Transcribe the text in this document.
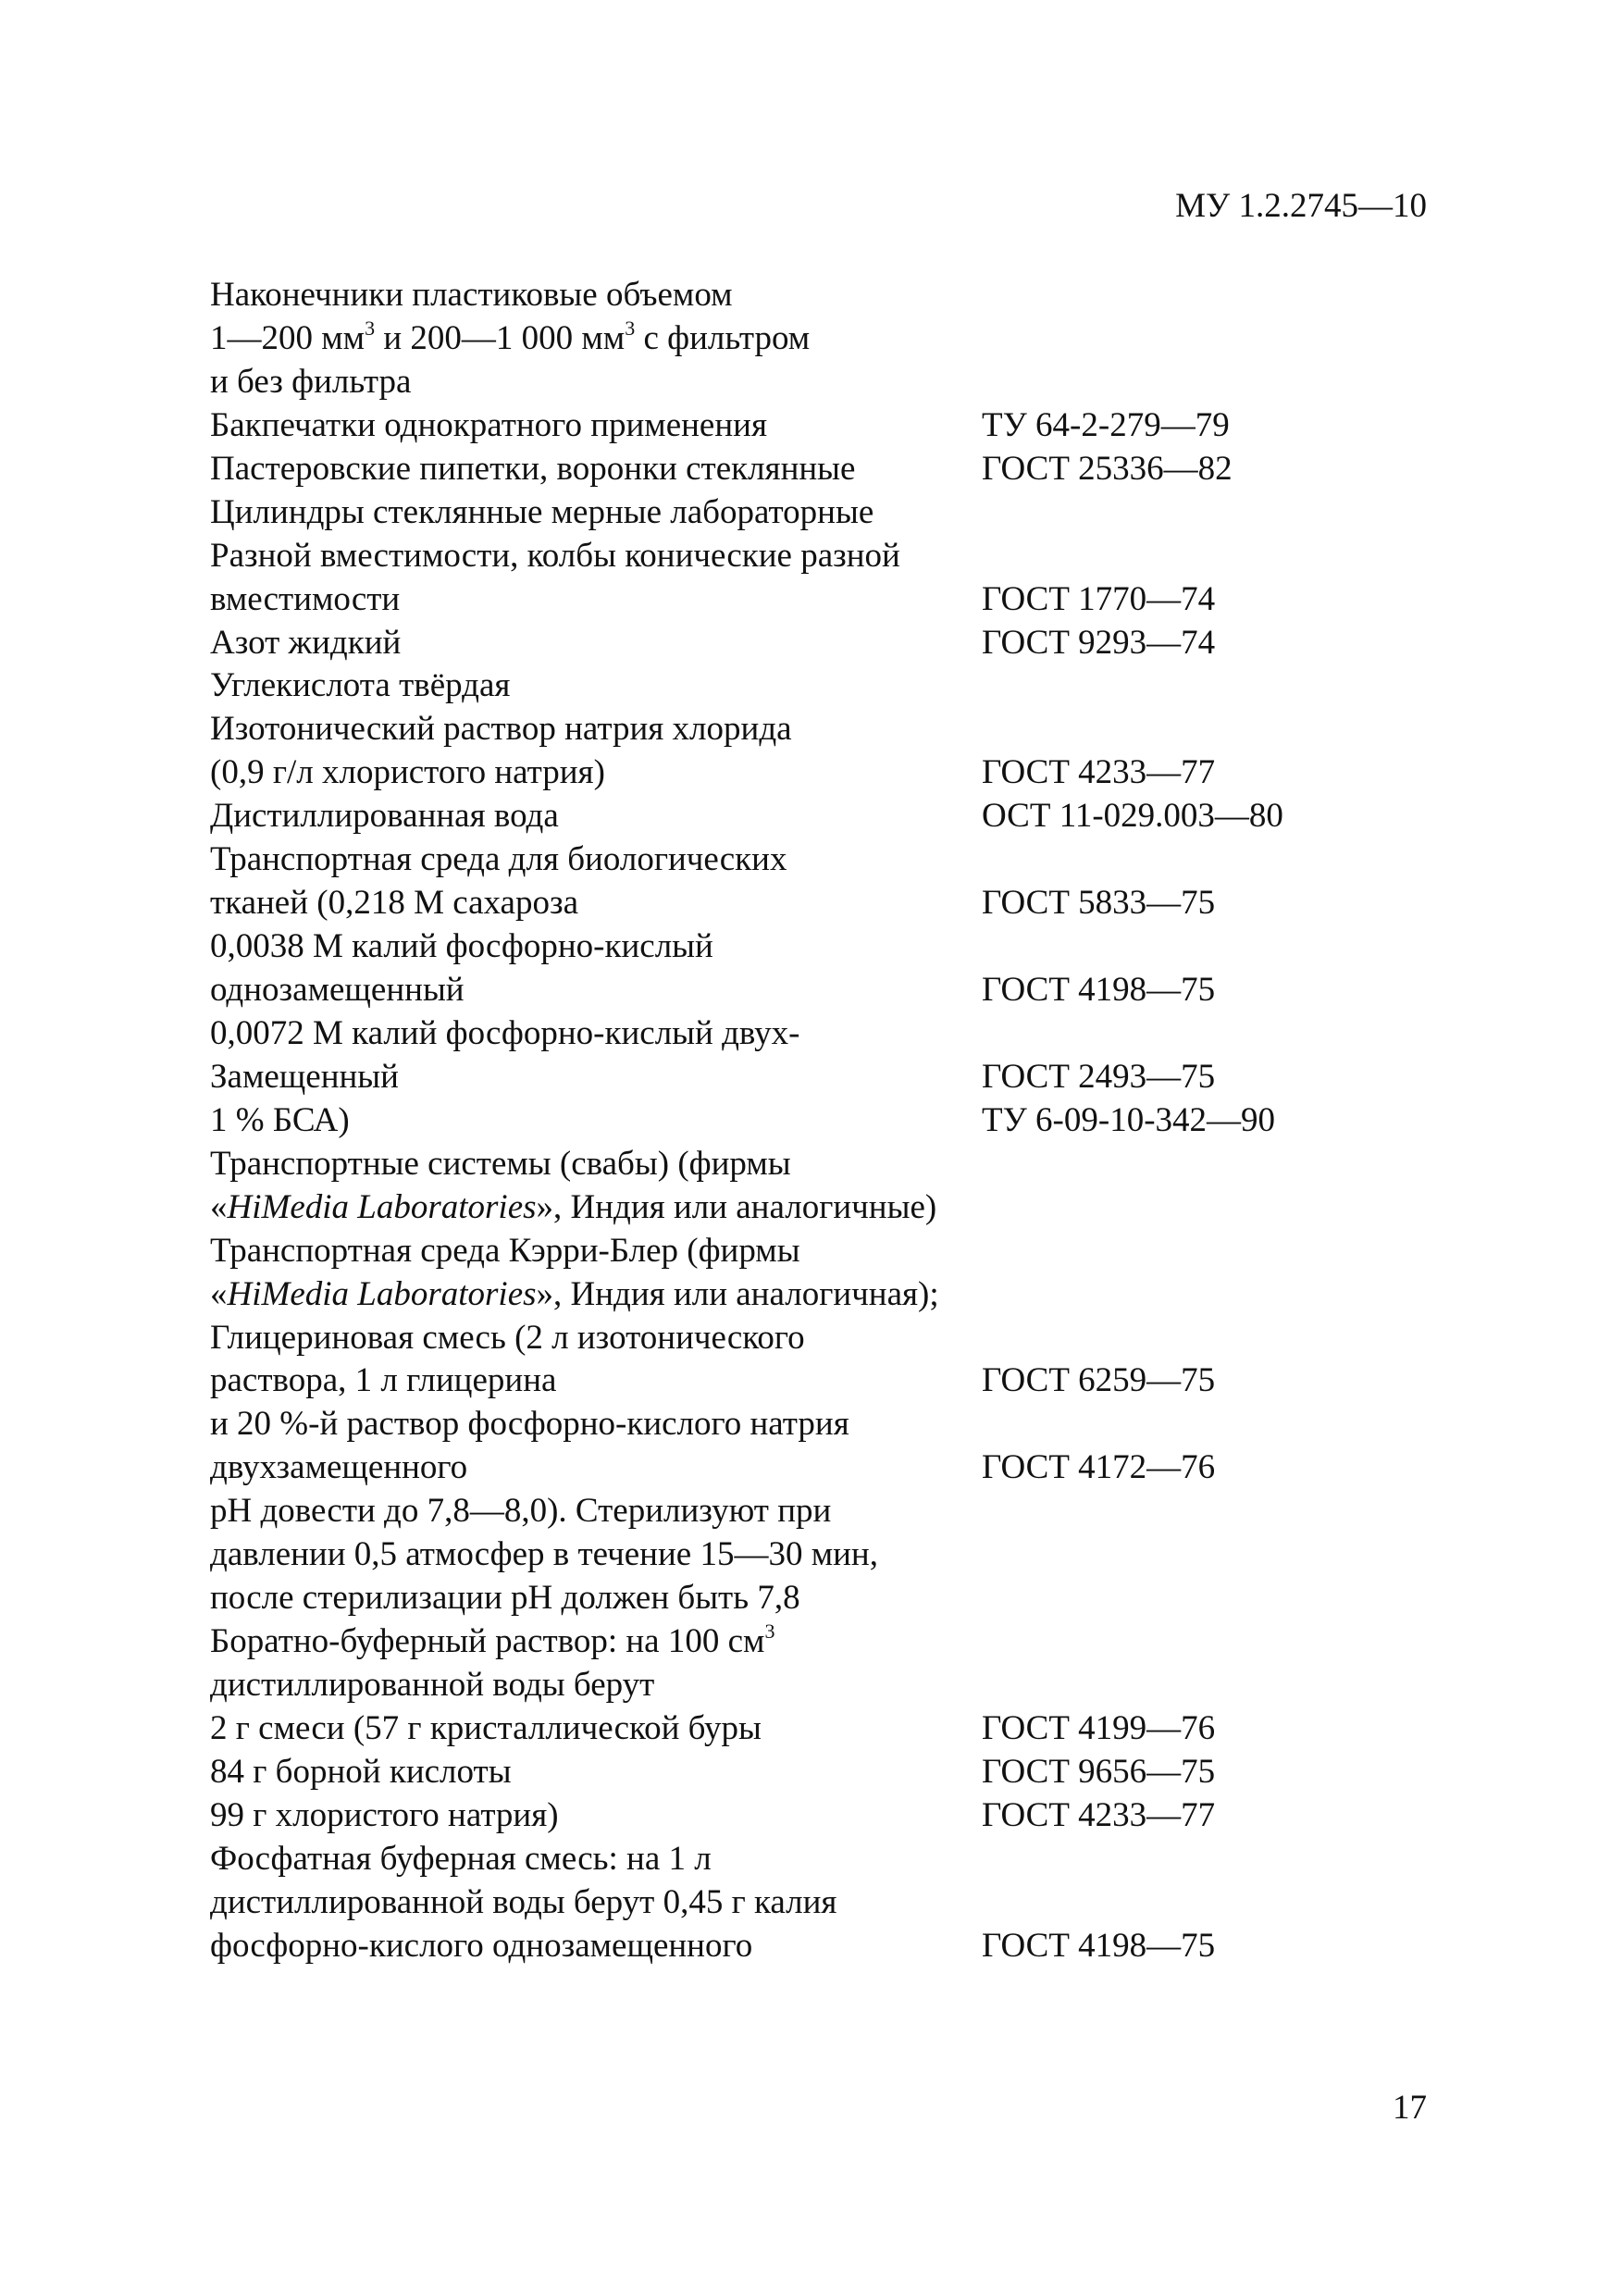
МУ 1.2.2745—10
Наконечники пластиковые объемом
1—200 $мм^3$ и 200—1 000 $мм^3$ с фильтром
и без фильтра
Бакпечатки однократного применения	ТУ 64-2-279—79
Пастеровские пипетки, воронки стеклянные	ГОСТ 25336—82
Цилиндры стеклянные мерные лабораторные
Разной вместимости, колбы конические разной
вместимости	ГОСТ 1770—74
Азот жидкий	ГОСТ 9293—74
Углекислота твёрдая
Изотонический раствор натрия хлорида
(0,9 г/л хлористого натрия)	ГОСТ 4233—77
Дистиллированная вода	ОСТ 11-029.003—80
Транспортная среда для биологических
тканей (0,218 М сахароза	ГОСТ 5833—75
0,0038 М калий фосфорно-кислый
однозамещенный	ГОСТ 4198—75
0,0072 М калий фосфорно-кислый двух-
Замещенный	ГОСТ 2493—75
1 % БСА)	ТУ 6-09-10-342—90
Транспортные системы (свабы) (фирмы
«HiMedia Laboratories», Индия или аналогичные)
Транспортная среда Кэрри-Блер (фирмы
«HiMedia Laboratories», Индия или аналогичная);
Глицериновая смесь (2 л изотонического
раствора, 1 л глицерина	ГОСТ 6259—75
и 20 %-й раствор фосфорно-кислого натрия
двухзамещенного	ГОСТ 4172—76
pH довести до 7,8—8,0). Стерилизуют при
давлении 0,5 атмосфер в течение 15—30 мин,
после стерилизации pH должен быть 7,8
Боратно-буферный раствор: на 100 $см^3$
дистиллированной воды берут
2 г смеси (57 г кристаллической буры	ГОСТ 4199—76
84 г борной кислоты	ГОСТ 9656—75
99 г хлористого натрия)	ГОСТ 4233—77
Фосфатная буферная смесь: на 1 л
дистиллированной воды берут 0,45 г калия
фосфорно-кислого однозамещенного	ГОСТ 4198—75
17
